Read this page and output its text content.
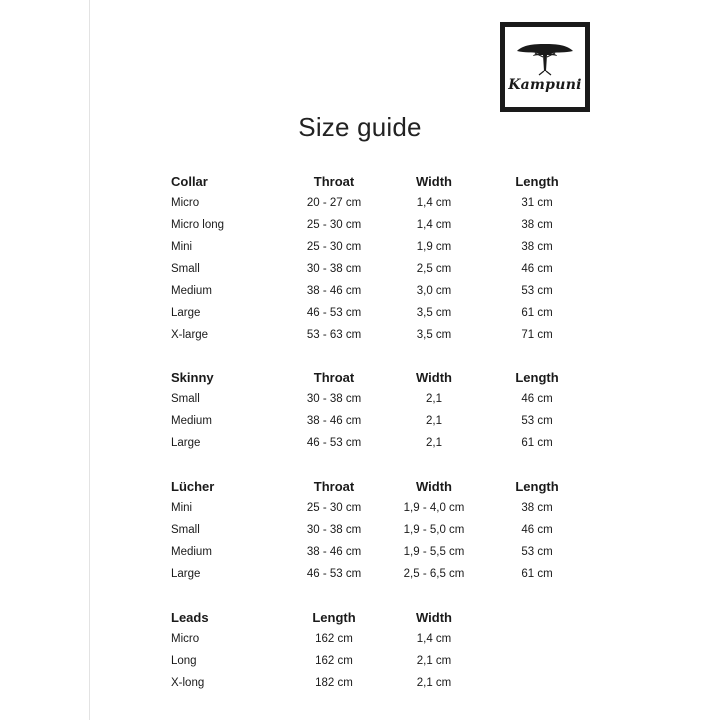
Kampuni
Size guide
Collar	Throat	Width	Length
Micro	20 - 27 cm	1,4 cm	31 cm
Micro long	25 - 30 cm	1,4 cm	38 cm
Mini	25 - 30 cm	1,9 cm	38 cm
Small	30 - 38 cm	2,5 cm	46 cm
Medium	38 - 46 cm	3,0 cm	53 cm
Large	46 - 53 cm	3,5 cm	61 cm
X-large	53 - 63 cm	3,5 cm	71 cm
Skinny	Throat	Width	Length
Small	30 - 38 cm	2,1	46 cm
Medium	38 - 46 cm	2,1	53 cm
Large	46 - 53 cm	2,1	61 cm
Lücher	Throat	Width	Length
Mini	25 - 30 cm	1,9 - 4,0 cm	38 cm
Small	30 - 38 cm	1,9 - 5,0 cm	46 cm
Medium	38 - 46 cm	1,9 - 5,5 cm	53 cm
Large	46 - 53 cm	2,5 - 6,5 cm	61 cm
Leads	Length	Width
Micro	162 cm	1,4 cm
Long	162 cm	2,1 cm
X-long	182 cm	2,1 cm
